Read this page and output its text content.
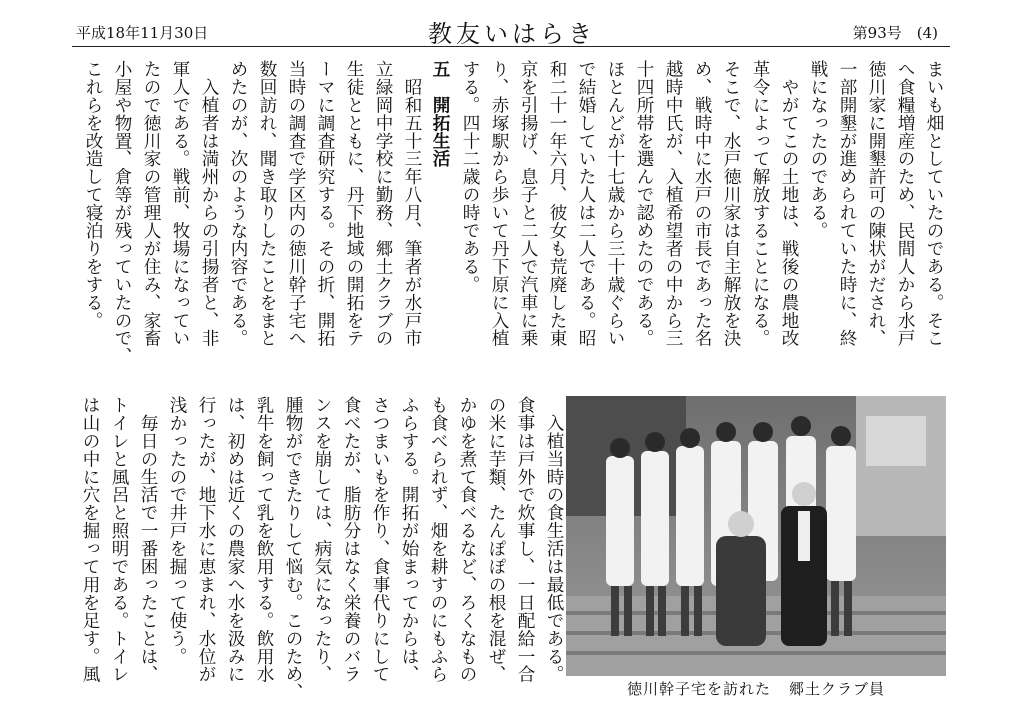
平成18年11月30日	教友いはらき	第93号　(4)
まいも畑としていたのである。そこ
へ食糧増産のため、民間人から水戸
徳川家に開墾許可の陳状がだされ、
一部開墾が進められていた時に、終
戦になったのである。
　やがてこの土地は、戦後の農地改
革令によって解放することになる。
そこで、水戸徳川家は自主解放を決
め、戦時中に水戸の市長であった名
越時中氏が、入植希望者の中から三
十四所帯を選んで認めたのである。
ほとんどが十七歳から三十歳ぐらい
で結婚していた人は二人である。昭
和二十一年六月、彼女も荒廃した東
京を引揚げ、息子と二人で汽車に乗
り、赤塚駅から歩いて丹下原に入植
する。四十二歳の時である。
五　開拓生活
　昭和五十三年八月、筆者が水戸市
立緑岡中学校に勤務、郷土クラブの
生徒とともに、丹下地域の開拓をテ
ーマに調査研究する。その折、開拓
当時の調査で学区内の徳川幹子宅へ
数回訪れ、聞き取りしたことをまと
めたのが、次のような内容である。
　入植者は満州からの引揚者と、非
軍人である。戦前、牧場になってい
たので徳川家の管理人が住み、家畜
小屋や物置、倉等が残っていたので、
これらを改造して寝泊りをする。
　入植当時の食生活は最低である。
食事は戸外で炊事し、一日配給一合
の米に芋類、たんぽぽの根を混ぜ、
かゆを煮て食べるなど、ろくなもの
も食べられず、畑を耕すのにもふら
ふらする。開拓が始まってからは、
さつまいもを作り、食事代りにして
食べたが、脂肪分はなく栄養のバラ
ンスを崩しては、病気になったり、
腫物ができたりして悩む。このため、
乳牛を飼って乳を飲用する。飲用水
は、初めは近くの農家へ水を汲みに
行ったが、地下水に恵まれ、水位が
浅かったので井戸を掘って使う。
　毎日の生活で一番困ったことは、
トイレと風呂と照明である。トイレ
は山の中に穴を掘って用を足す。風
徳川幹子宅を訪れた 郷土クラブ員
